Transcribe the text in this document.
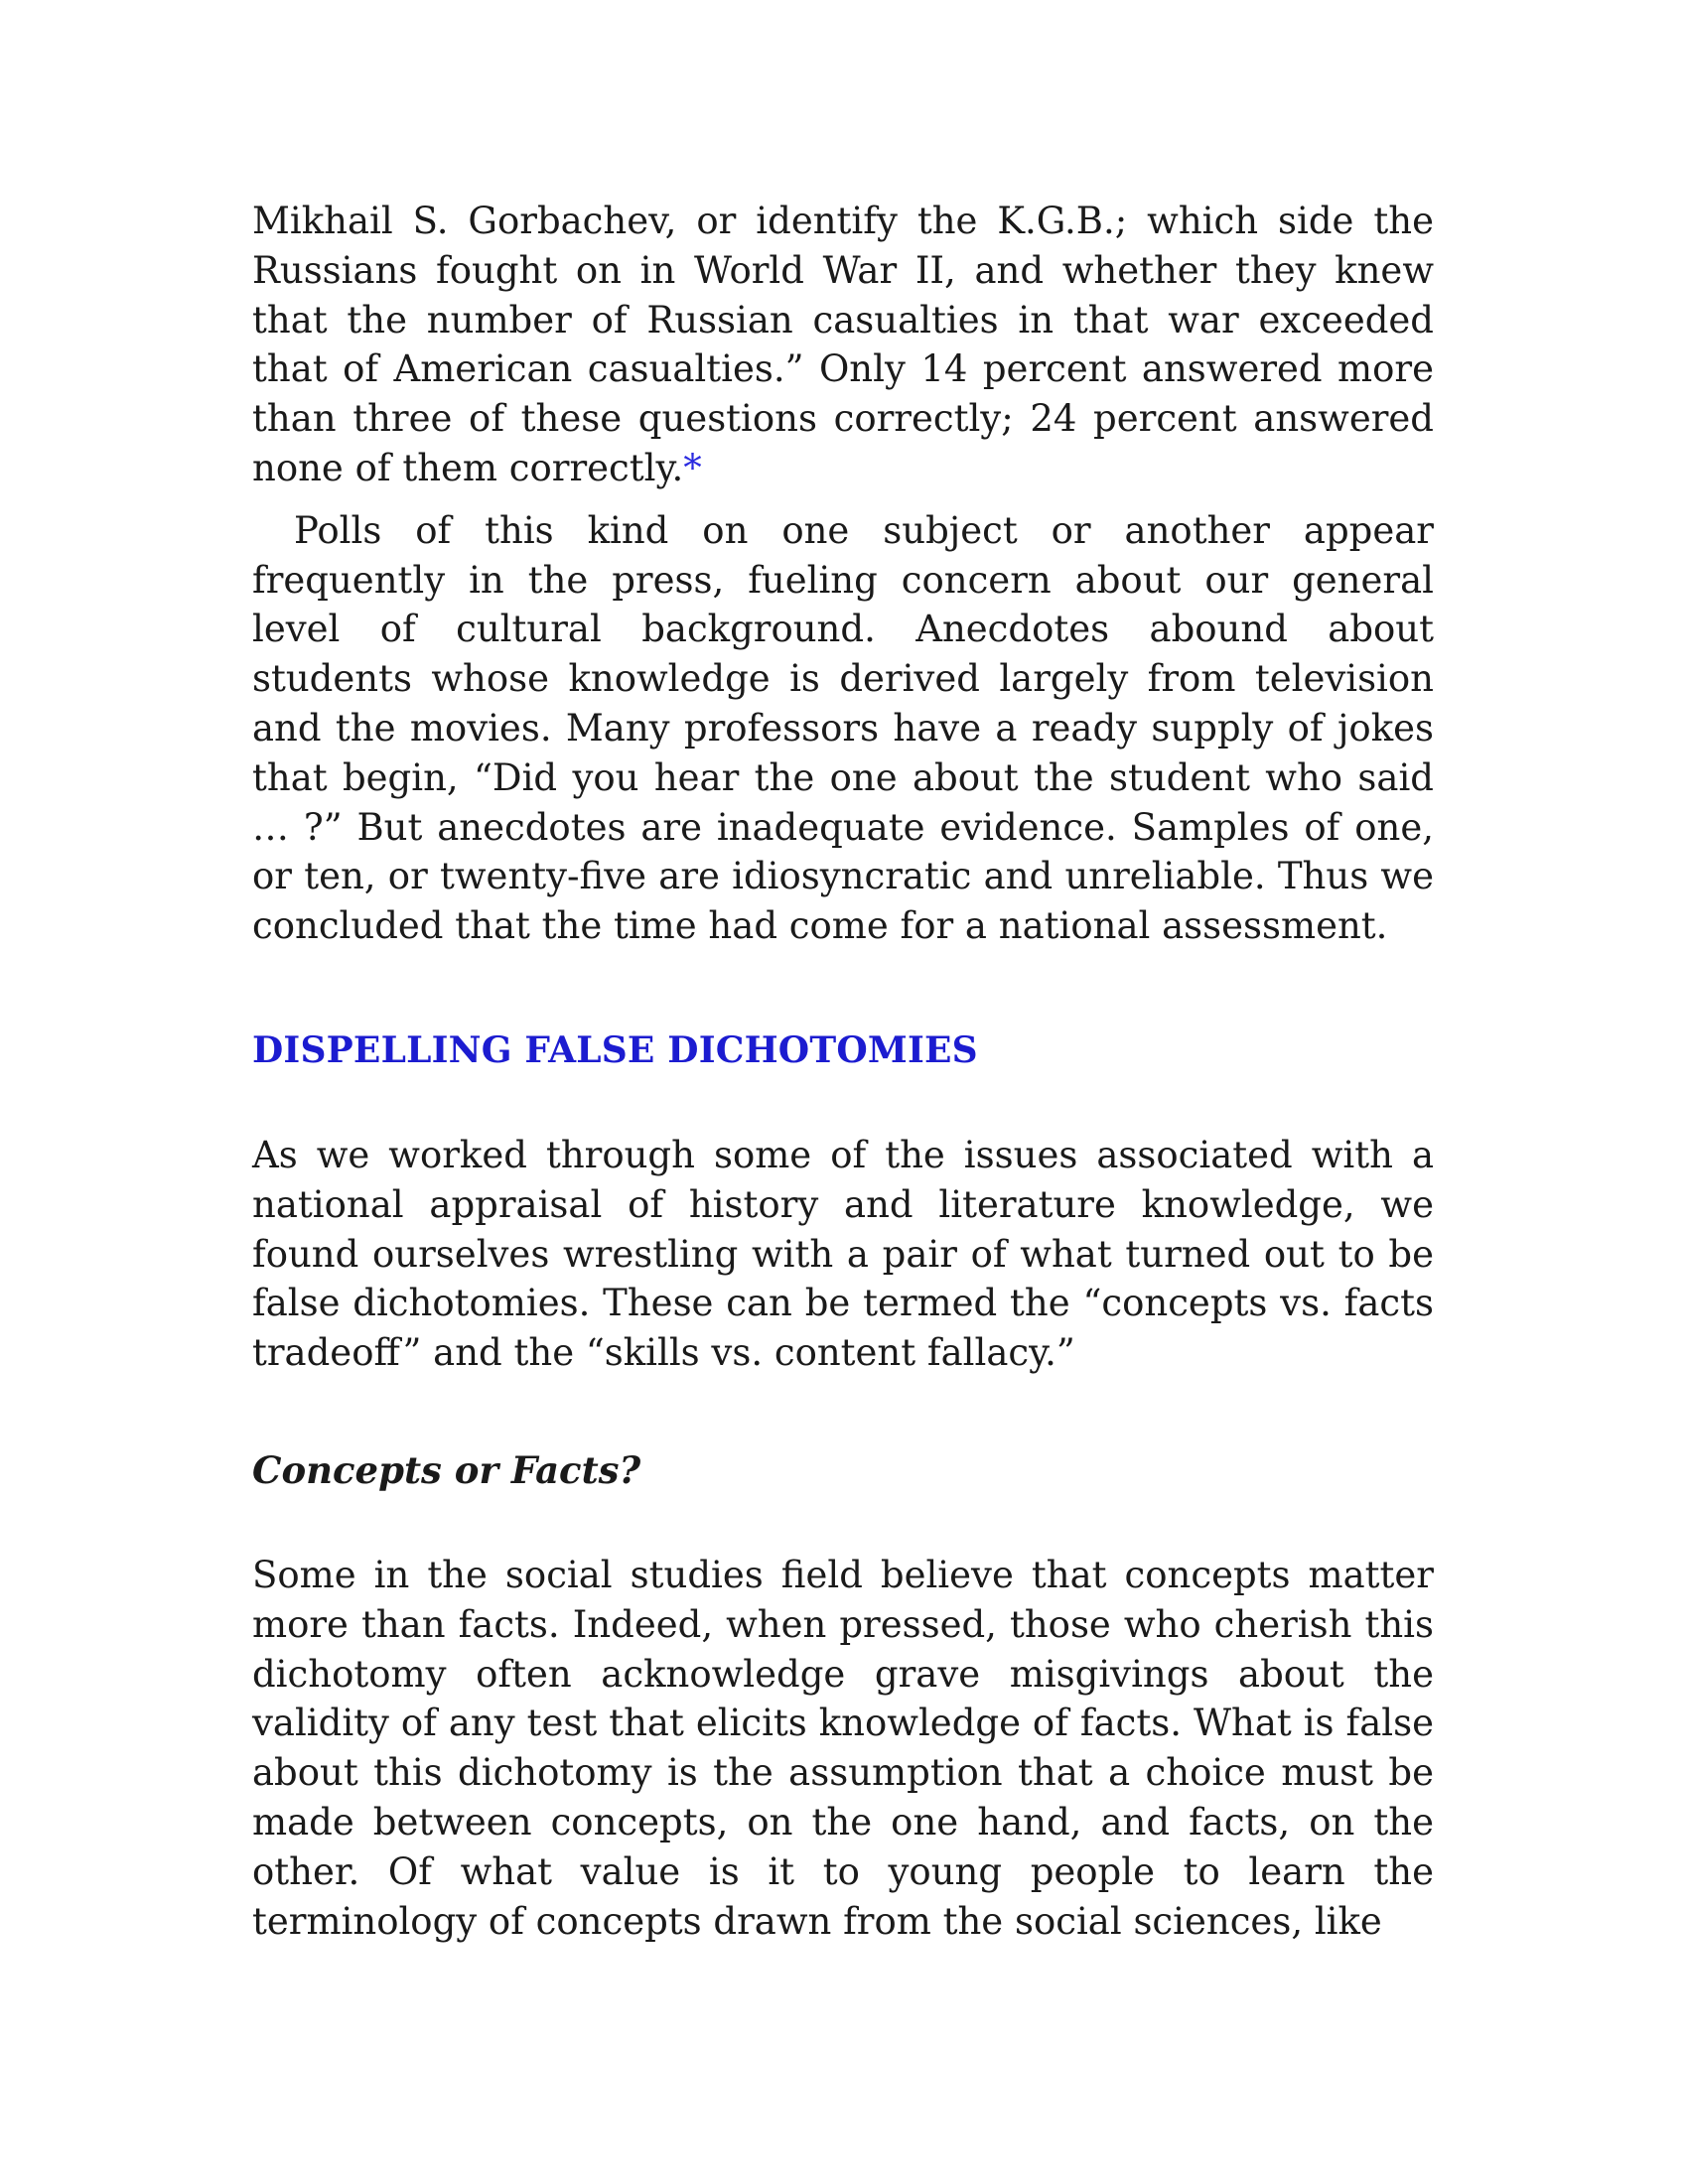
Mikhail S. Gorbachev, or identify the K.G.B.; which side the Russians fought on in World War II, and whether they knew that the number of Russian casualties in that war exceeded that of American casualties.” Only 14 percent answered more than three of these questions correctly; 24 percent answered none of them correctly.*

Polls of this kind on one subject or another appear frequently in the press, fueling concern about our general level of cultural background. Anecdotes abound about students whose knowledge is derived largely from television and the movies. Many professors have a ready supply of jokes that begin, “Did you hear the one about the student who said … ?” But anecdotes are inadequate evidence. Samples of one, or ten, or twenty-five are idiosyncratic and unreliable. Thus we concluded that the time had come for a national assessment.

DISPELLING FALSE DICHOTOMIES

As we worked through some of the issues associated with a national appraisal of history and literature knowledge, we found ourselves wrestling with a pair of what turned out to be false dichotomies. These can be termed the “concepts vs. facts tradeoff” and the “skills vs. content fallacy.”

Concepts or Facts?

Some in the social studies field believe that concepts matter more than facts. Indeed, when pressed, those who cherish this dichotomy often acknowledge grave misgivings about the validity of any test that elicits knowledge of facts. What is false about this dichotomy is the assumption that a choice must be made between concepts, on the one hand, and facts, on the other. Of what value is it to young people to learn the terminology of concepts drawn from the social sciences, like
